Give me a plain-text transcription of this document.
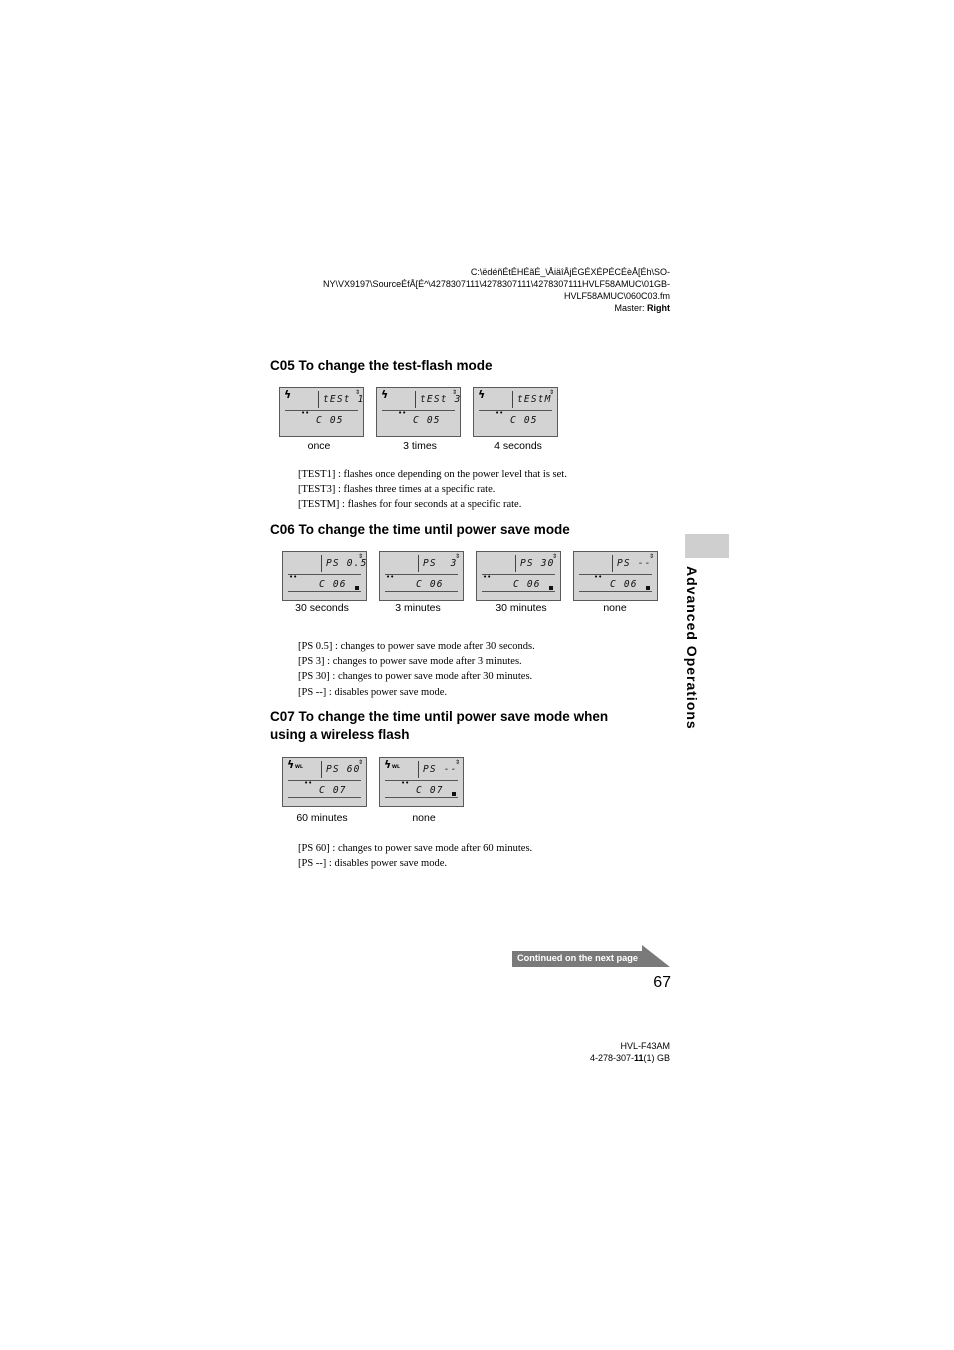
C:\ëdéñÉtÉHÉãÉ_\ÅiäîÅjÉGÉXÉPÉCÉèÅ[Éh\SO-
NY\VX9197\SourceÉfÅ[É^\4278307111\4278307111\4278307111HVLF58AMUC\01GB-
HVLF58AMUC\060C03.fm
Master: Right
C05 To change the test-flash mode
ϟ	⇕
tESt 1
••
C 05
ϟ	⇕
tESt 3
••
C 05
ϟ	⇕
tEStM
••
C 05
once	3 times	4 seconds
[TEST1] : flashes once depending on the power level that is set.
[TEST3] : flashes three times at a specific rate.
[TESTM] : flashes for four seconds at a specific rate.
C06 To change the time until power save mode
⇕
PS 0.5
••
C 06
⇕
PS  3
••
C 06
⇕
PS 30
••
C 06
⇕
PS --
••
C 06
30 seconds	3 minutes	30 minutes	none
[PS 0.5] : changes to power save mode after 30 seconds.
[PS 3] : changes to power save mode after 3 minutes.
[PS 30] : changes to power save mode after 30 minutes.
[PS --] : disables power save mode.
C07 To change the time until power save mode when
using a wireless flash
ϟ WL
⇕
PS 60
••
C 07
ϟ WL
⇕
PS --
••
C 07
60 minutes	none
[PS 60] : changes to power save mode after 60 minutes.
[PS --] : disables power save mode.
Advanced Operations
Continued on the next page
67
HVL-F43AM
4-278-307-11(1) GB
